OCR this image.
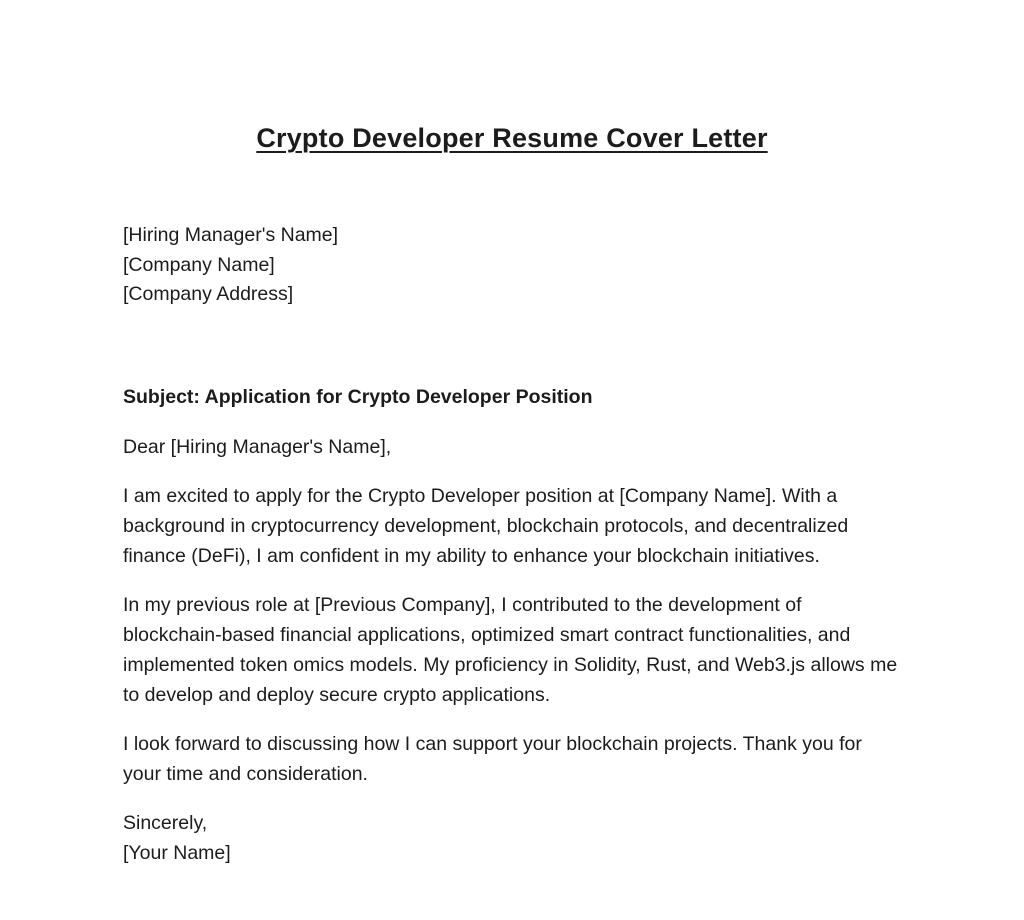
Crypto Developer Resume Cover Letter
[Hiring Manager's Name]
[Company Name]
[Company Address]
Subject: Application for Crypto Developer Position
Dear [Hiring Manager's Name],

I am excited to apply for the Crypto Developer position at [Company Name]. With a background in cryptocurrency development, blockchain protocols, and decentralized finance (DeFi), I am confident in my ability to enhance your blockchain initiatives.

In my previous role at [Previous Company], I contributed to the development of blockchain-based financial applications, optimized smart contract functionalities, and implemented token omics models. My proficiency in Solidity, Rust, and Web3.js allows me to develop and deploy secure crypto applications.

I look forward to discussing how I can support your blockchain projects. Thank you for your time and consideration.

Sincerely,
[Your Name]
